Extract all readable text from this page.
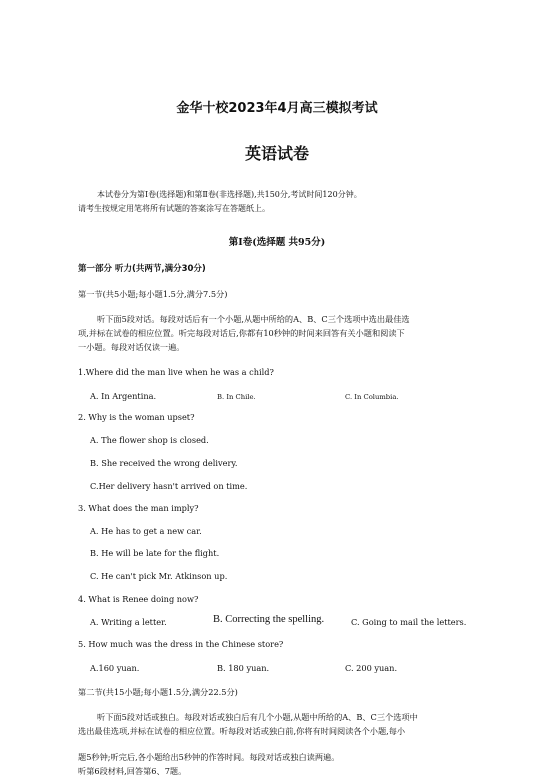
金华十校2023年4月高三模拟考试
英语试卷
本试卷分为第Ⅰ卷(选择题)和第Ⅱ卷(非选择题),共150分,考试时间120分钟。
请考生按规定用笔将所有试题的答案涂写在答题纸上。
第Ⅰ卷(选择题 共95分)
第一部分 听力(共两节,满分30分)
第一节(共5小题;每小题1.5分,满分7.5分)
听下面5段对话。每段对话后有一个小题,从题中所给的A、B、C三个选项中选出最佳选
项,并标在试卷的相应位置。听完每段对话后,你都有10秒钟的时间来回答有关小题和阅读下
一小题。每段对话仅读一遍。
1.Where did the man live when he was a child?
A. In Argentina.	B. In Chile.	C. In Columbia.
2. Why is the woman upset?
A. The flower shop is closed.
B. She received the wrong delivery.
C.Her delivery hasn't arrived on time.
3. What does the man imply?
A. He has to get a new car.
B. He will be late for the flight.
C. He can't pick Mr. Atkinson up.
4. What is Renee doing now?
A. Writing a letter.	B. Correcting the spelling.	C. Going to mail the letters.
5. How much was the dress in the Chinese store?
A.160 yuan.	B. 180 yuan.	C. 200 yuan.
第二节(共15小题;每小题1.5分,满分22.5分)
听下面5段对话或独白。每段对话或独白后有几个小题,从题中所给的A、B、C三个选项中
选出最佳选项,并标在试卷的相应位置。听每段对话或独白前,你将有时间阅读各个小题,每小
题5秒钟;听完后,各小题给出5秒钟的作答时间。每段对话或独白读两遍。
听第6段材料,回答第6、7题。
